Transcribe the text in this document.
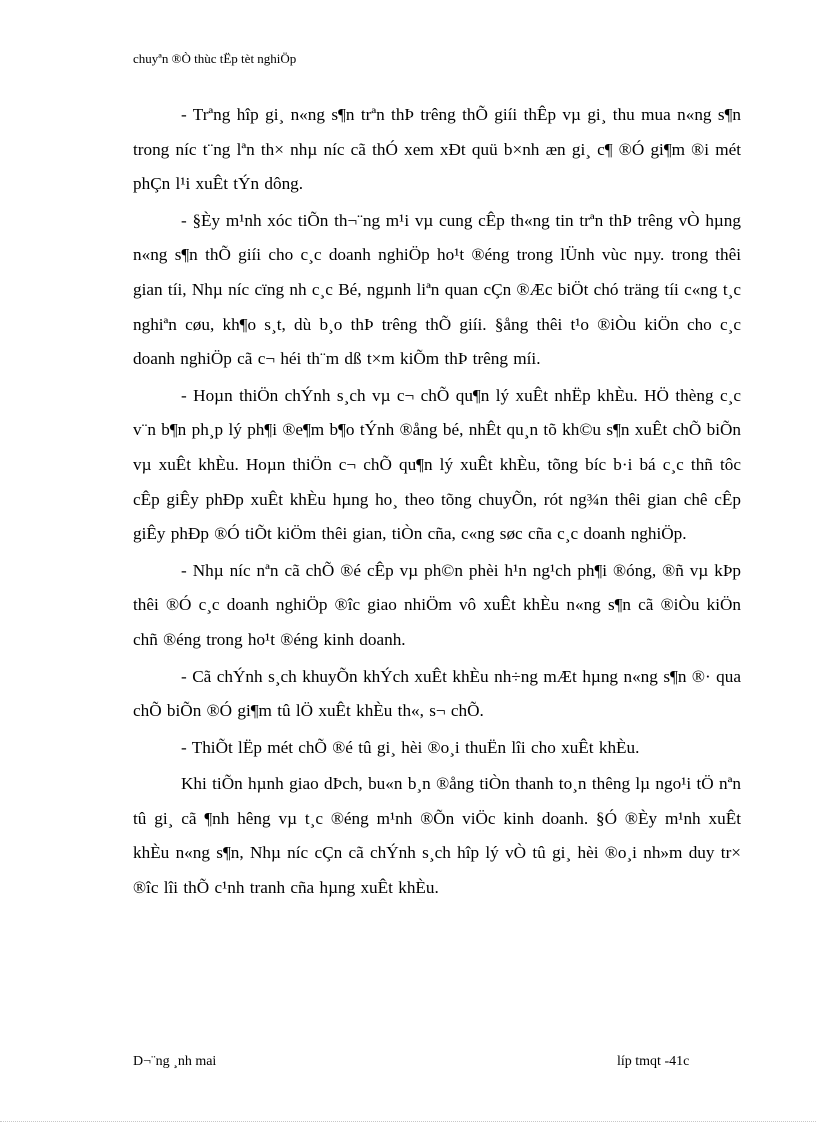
chuyªn ®Ò thùc tËp tèt nghiÖp

- Trªng hîp gi¸ n«ng s¶n trªn thÞ trêng thÕ giíi thÊp vµ gi¸ thu mua n«ng s¶n trong níc t¨ng lªn th× nhµ níc cã thÓ xem xÐt quü b×nh æn gi¸ c¶ ®Ó gi¶m ®i mét phÇn l¹i xuÊt tÝn dông.

- §Èy m¹nh xóc tiÕn th¬¨ng m¹i vµ cung cÊp th«ng tin trªn thÞ trêng vÒ hµng n«ng s¶n thÕ giíi cho c¸c doanh nghiÖp ho¹t ®éng trong lÜnh vùc nµy. trong thêi gian tíi, Nhµ níc cïng nh c¸c Bé, ngµnh liªn quan cÇn ®Æc biÖt chó träng tíi c«ng t¸c nghiªn cøu, kh¶o s¸t, dù b¸o thÞ trêng thÕ giíi. §ång thêi t¹o ®iÒu kiÖn cho c¸c doanh nghiÖp cã c¬ héi th¨m dß t×m kiÕm thÞ trêng míi.

- Hoµn thiÖn chÝnh s¸ch vµ c¬ chÕ qu¶n lý xuÊt nhËp khÈu. HÖ thèng c¸c v¨n b¶n ph¸p lý ph¶i ®e¶m b¶o tÝnh ®ång bé, nhÊt qu¸n tõ kh©u s¶n xuÊt chÕ biÕn vµ xuÊt khÈu. Hoµn thiÖn c¬ chÕ qu¶n lý xuÊt khÈu, tõng bíc b·i bá c¸c thñ tôc cÊp giÊy phÐp xuÊt khÈu hµng ho¸ theo tõng chuyÕn, rót ng¾n thêi gian chê cÊp giÊy phÐp ®Ó tiÕt kiÖm thêi gian, tiÒn cña, c«ng søc cña c¸c doanh nghiÖp.

- Nhµ níc nªn cã chÕ ®é cÊp vµ ph©n phèi h¹n ng¹ch ph¶i ®óng, ®ñ vµ kÞp thêi ®Ó c¸c doanh nghiÖp ®îc giao nhiÖm vô xuÊt khÈu n«ng s¶n cã ®iÒu kiÖn chñ ®éng trong ho¹t ®éng kinh doanh.

- Cã chÝnh s¸ch khuyÕn khÝch xuÊt khÈu nh÷ng mÆt hµng n«ng s¶n ®· qua chÕ biÕn ®Ó gi¶m tû lÖ xuÊt khÈu th«, s¬ chÕ.

- ThiÕt lËp mét chÕ ®é tû gi¸ hèi ®o¸i thuËn lîi cho xuÊt khÈu.

Khi tiÕn hµnh giao dÞch, bu«n b¸n ®ång tiÒn thanh to¸n thêng lµ ngo¹i tÖ nªn tû gi¸ cã ¶nh hêng vµ t¸c ®éng m¹nh ®Õn viÖc kinh doanh. §Ó ®Èy m¹nh xuÊt khÈu n«ng s¶n, Nhµ níc cÇn cã chÝnh s¸ch hîp lý vÒ tû gi¸ hèi ®o¸i nh»m duy tr× ®îc lîi thÕ c¹nh tranh cña hµng xuÊt khÈu.

D¬¨ng ¸nh mai	líp tmqt -41c
